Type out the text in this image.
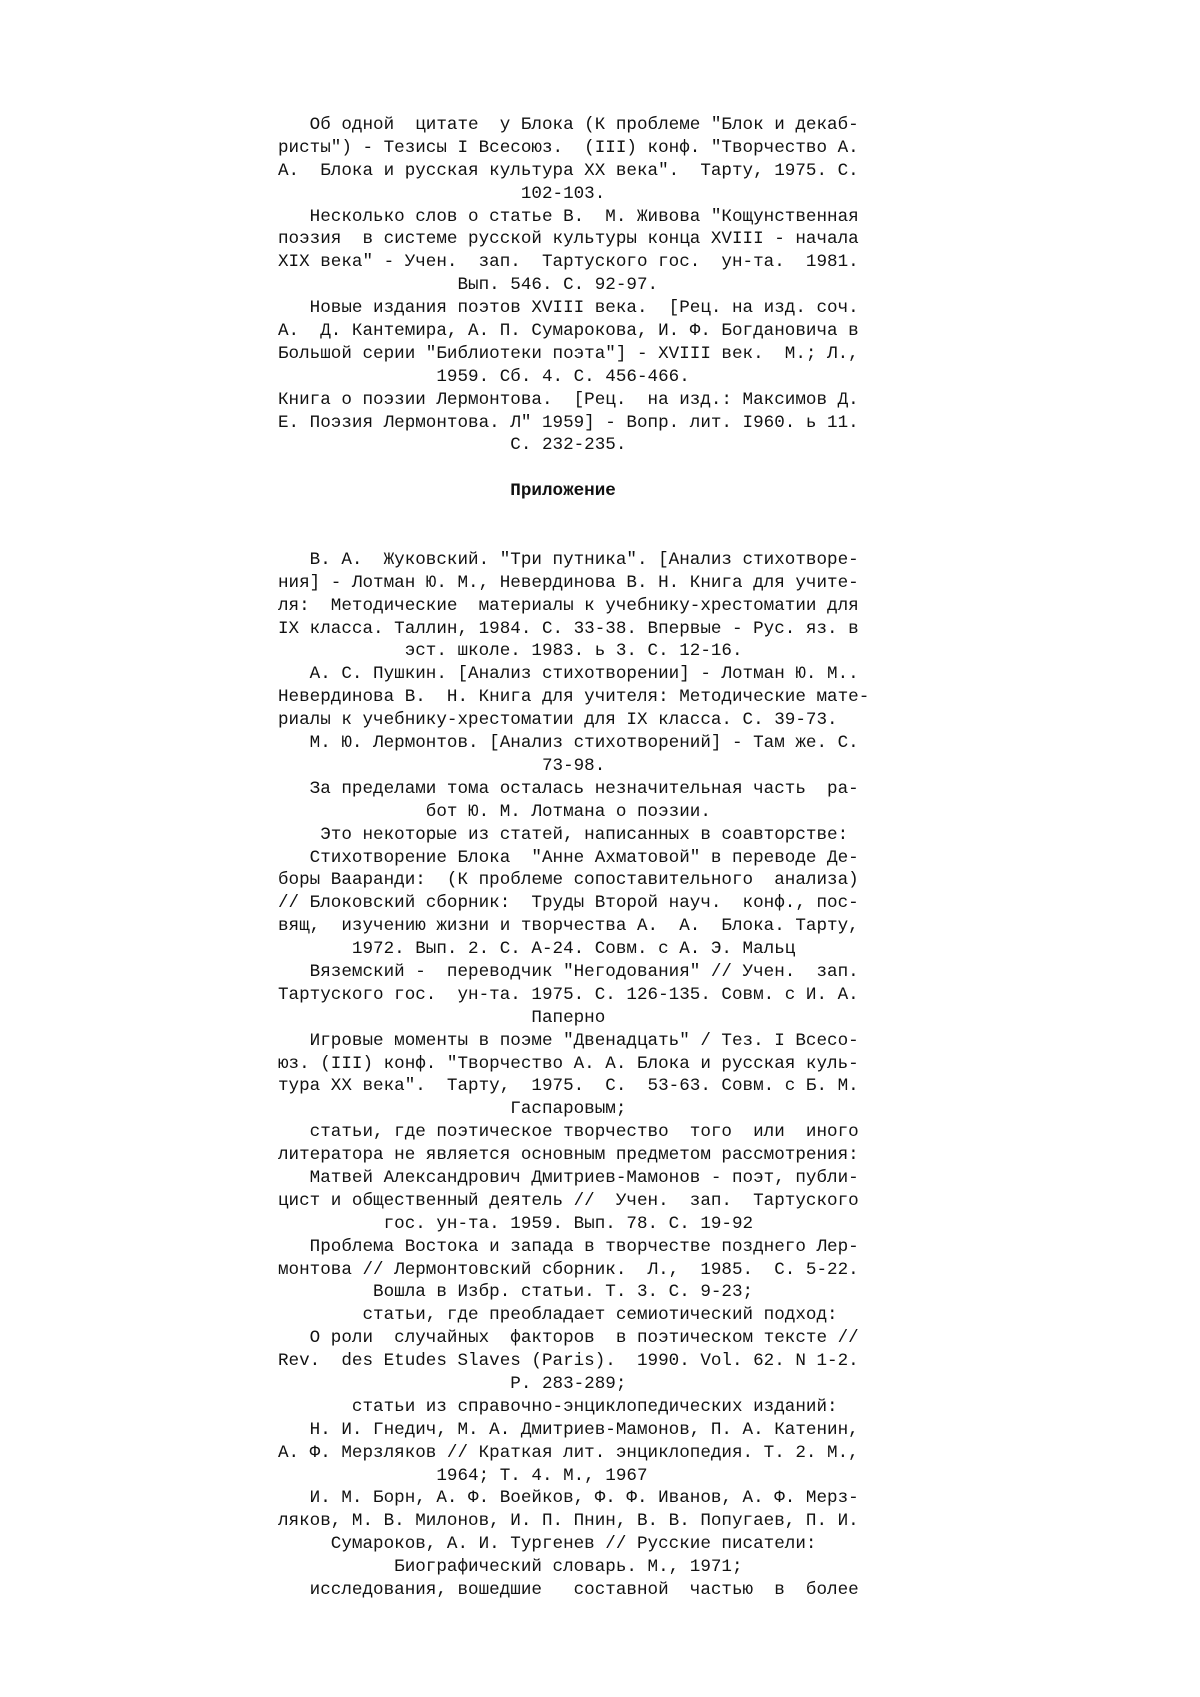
Об одной  цитате  у Блока (К проблеме "Блок и декаб-
ристы") - Тезисы I Всесоюз.  (III) конф. "Творчество А.
А.  Блока и русская культура XX века".  Тарту, 1975. С.
102-103.
Несколько слов о статье В.  М. Живова "Кощунственная
поэзия  в системе русской культуры конца XVIII - начала
XIX века" - Учен.  зап.  Тартуского гос.  ун-та.  1981.
Вып. 546. С. 92-97.
Новые издания поэтов XVIII века.  [Рец. на изд. соч.
А.  Д. Кантемира, А. П. Сумарокова, И. Ф. Богдановича в
Большой серии "Библиотеки поэта"] - XVIII век.  М.; Л.,
1959. Сб. 4. С. 456-466.
Книга о поэзии Лермонтова.  [Рец.  на изд.: Максимов Д.
Е. Поэзия Лермонтова. Л" 1959] - Вопр. лит. I960. ь 11.
С. 232-235.
Приложение
В. А.  Жуковский. "Три путника". [Анализ стихотворе-
ния] - Лотман Ю. М., Невердинова В. Н. Книга для учите-
ля:  Методические  материалы к учебнику-хрестоматии для
IX класса. Таллин, 1984. С. 33-38. Впервые - Рус. яз. в
эст. школе. 1983. ь 3. С. 12-16.
А. С. Пушкин. [Анализ стихотворении] - Лотман Ю. М..
Невердинова В.  Н. Книга для учителя: Методические мате-
риалы к учебнику-хрестоматии для IX класса. С. 39-73.
М. Ю. Лермонтов. [Анализ стихотворений] - Там же. С.
73-98.
За пределами тома осталась незначительная часть  ра-
бот Ю. М. Лотмана о поэзии.
Это некоторые из статей, написанных в соавторстве:
Стихотворение Блока  "Анне Ахматовой" в переводе Де-
боры Вааранди:  (К проблеме сопоставительного  анализа)
// Блоковский сборник:  Труды Второй науч.  конф., пос-
вящ,  изучению жизни и творчества А.  А.  Блока. Тарту,
1972. Вып. 2. С. А-24. Совм. с А. Э. Мальц
Вяземский -  переводчик "Негодования" // Учен.  зап.
Тартуского гос.  ун-та. 1975. С. 126-135. Совм. с И. А.
Паперно
Игровые моменты в поэме "Двенадцать" / Тез. I Всесо-
юз. (III) конф. "Творчество А. А. Блока и русская куль-
тура XX века".  Тарту,  1975.  С.  53-63. Совм. с Б. М.
Гаспаровым;
статьи, где поэтическое творчество  того  или  иного
литератора не является основным предметом рассмотрения:
Матвей Александрович Дмитриев-Мамонов - поэт, публи-
цист и общественный деятель //  Учен.  зап.  Тартуского
гос. ун-та. 1959. Вып. 78. С. 19-92
Проблема Востока и запада в творчестве позднего Лер-
монтова // Лермонтовский сборник.  Л.,  1985.  С. 5-22.
Вошла в Избр. статьи. Т. 3. С. 9-23;
статьи, где преобладает семиотический подход:
О роли  случайных  факторов  в поэтическом тексте //
Rev.  des Etudes Slaves (Paris).  1990. Vol. 62. N 1-2.
P. 283-289;
статьи из справочно-энциклопедических изданий:
Н. И. Гнедич, М. А. Дмитриев-Мамонов, П. А. Катенин,
А. Ф. Мерзляков // Краткая лит. энциклопедия. Т. 2. М.,
1964; Т. 4. М., 1967
И. М. Борн, А. Ф. Воейков, Ф. Ф. Иванов, А. Ф. Мерз-
ляков, М. В. Милонов, И. П. Пнин, В. В. Попугаев, П. И.
Сумароков, А. И. Тургенев // Русские писатели:
Биографический словарь. М., 1971;
исследования, вошедшие   составной  частью  в  более
